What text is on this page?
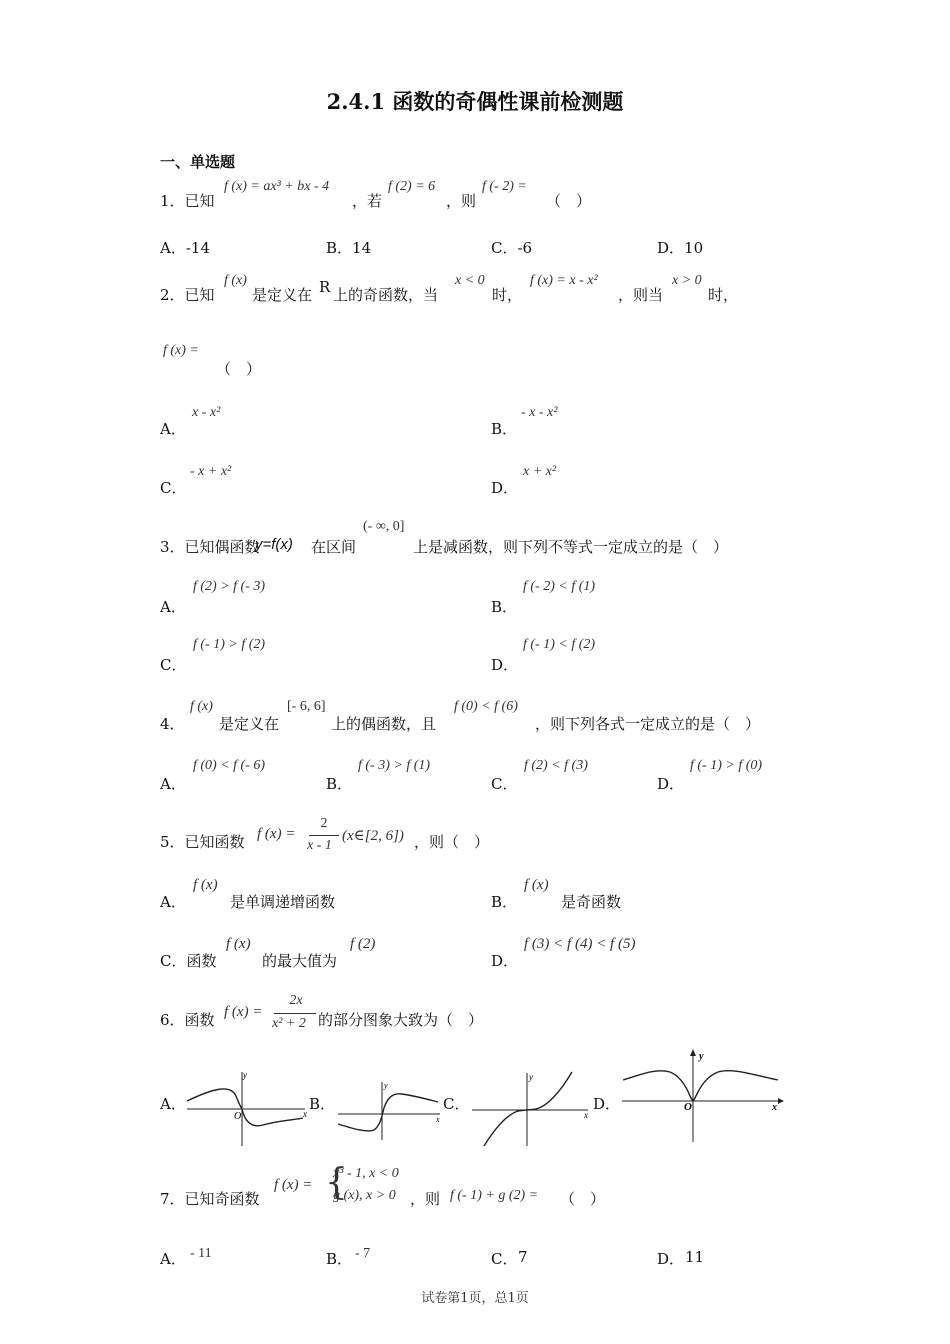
2.4.1 函数的奇偶性课前检测题
一、单选题
1．已知
f (x) = ax³ + bx - 4
，若
f (2) = 6
，则
f (- 2) =
（　）
A．-14	B．14	C．-6	D．10
2．已知
f (x)
是定义在 R 上的奇函数，当
x < 0
时，
f (x) = x - x²
，则当
x > 0
时，
f (x) =
（　）
A．
x - x²
B．
- x - x²
C．
- x + x²
D．
x + x²
3．已知偶函数
y=f(x) 在区间
(- ∞, 0]
上是减函数，则下列不等式一定成立的是（　）
A．
f (2) > f (- 3)
B．
f (- 2) < f (1)
C．
f (- 1) > f (2)
D．
f (- 1) < f (2)
4．
f (x)
是定义在
[- 6, 6]
上的偶函数，且
f (0) < f (6)
，则下列各式一定成立的是（　）
A．
f (0) < f (- 6)
B．
f (- 3) > f (1)
C．
f (2) < f (3)
D．
f (- 1) > f (0)
5．已知函数 f (x) =
2
x - 1
(x∈[2, 6]) ，则（　）
A．
f (x)
是单调递增函数	B．
f (x)
是奇函数
C．函数
f (x)
的最大值为
f (2)
D．
f (3) < f (4) < f (5)
6．函数 f (x) =
2x
x² + 2 的部分图象大致为（　）
A．	B．	C．	D．
y
x
O
y
x
y
x
y
x
O
7．已知奇函数
f (x) = {
x³ - 1, x < 0
g (x), x > 0 ，则 f (- 1) + g (2) = （　）
A． - 11	B． - 7	C． 7	D． 11
试卷第1页，总1页
